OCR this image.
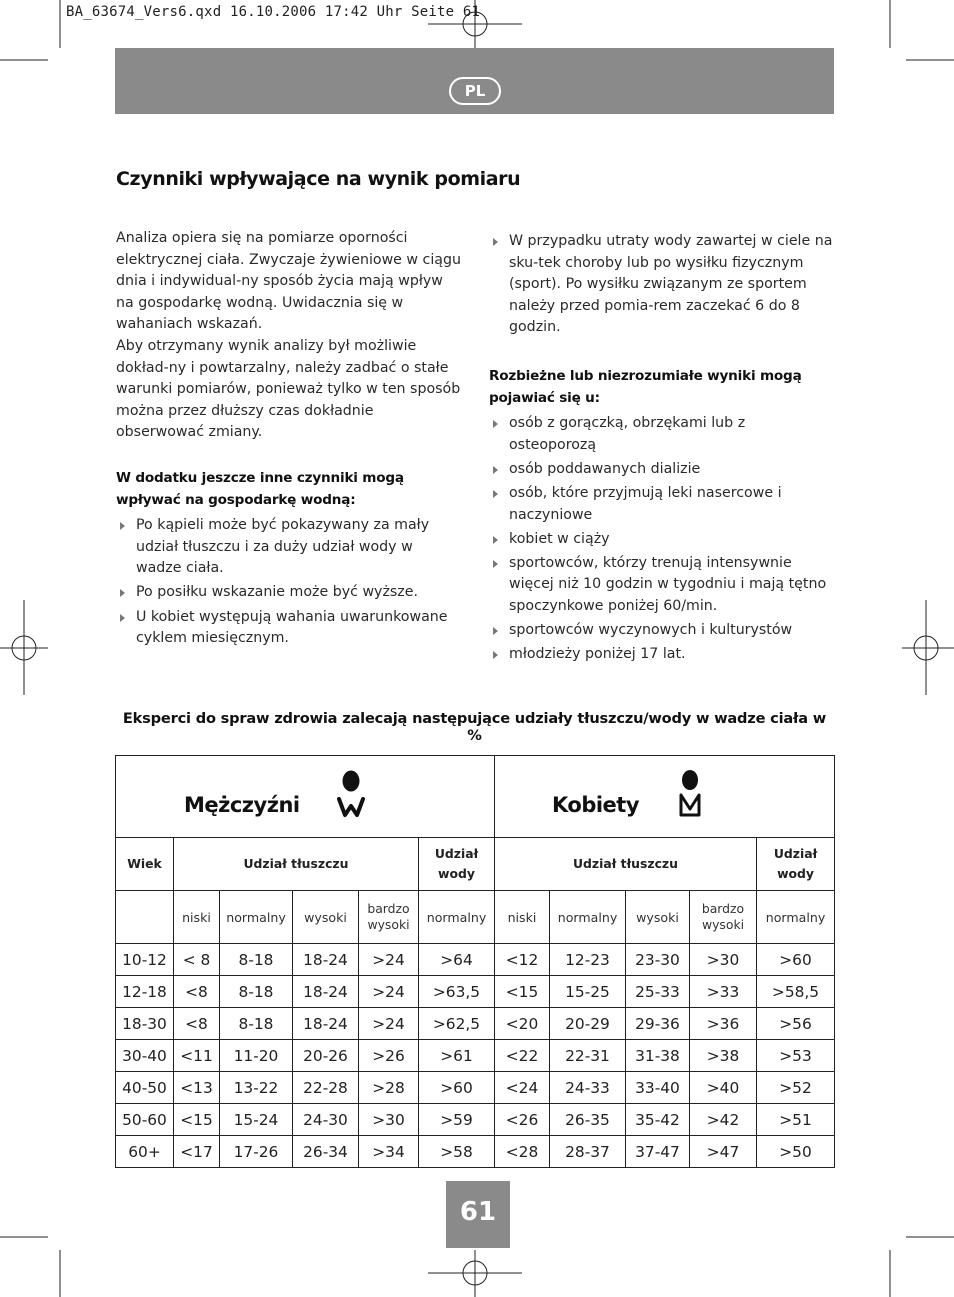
BA_63674_Vers6.qxd 16.10.2006 17:42 Uhr Seite 61
PL
Czynniki wpływające na wynik pomiaru

Analiza opiera się na pomiarze oporności elektrycznej ciała. Zwyczaje żywieniowe w ciągu dnia i indywidual-ny sposób życia mają wpływ na gospodarkę wodną. Uwidacznia się w wahaniach wskazań.

Aby otrzymany wynik analizy był możliwie dokład-ny i powtarzalny, należy zadbać o stałe warunki pomiarów, ponieważ tylko w ten sposób można przez dłuższy czas dokładnie obserwować zmiany.

W dodatku jeszcze inne czynniki mogą wpływać na gospodarkę wodną:
Po kąpieli może być pokazywany za mały udział tłuszczu i za duży udział wody w wadze ciała.
Po posiłku wskazanie może być wyższe.
U kobiet występują wahania uwarunkowane cyklem miesięcznym.
W przypadku utraty wody zawartej w ciele na sku-tek choroby lub po wysiłku fizycznym (sport). Po wysiłku związanym ze sportem należy przed pomia-rem zaczekać 6 do 8 godzin.
Rozbieżne lub niezrozumiałe wyniki mogą pojawiać się u:
osób z gorączką, obrzękami lub z osteoporozą
osób poddawanych dializie
osób, które przyjmują leki nasercowe i naczyniowe
kobiet w ciąży
sportowców, którzy trenują intensywnie więcej niż 10 godzin w tygodniu i mają tętno spoczynkowe poniżej 60/min.
sportowców wyczynowych i kulturystów
młodzieży poniżej 17 lat.
Eksperci do spraw zdrowia zalecają następujące udziały tłuszczu/wody w wadze ciała w %
Mężczyźni						Kobiety				

Wiek	Udział tłuszczu				Udział wody	Udział tłuszczu				Udział wody
	niski	normalny	wysoki	bardzo wysoki	normalny	niski	normalny	wysoki	bardzo wysoki	normalny
10-12	< 8	8-18	18-24	>24	>64	<12	12-23	23-30	>30	>60
12-18	<8	8-18	18-24	>24	>63,5	<15	15-25	25-33	>33	>58,5
18-30	<8	8-18	18-24	>24	>62,5	<20	20-29	29-36	>36	>56
30-40	<11	11-20	20-26	>26	>61	<22	22-31	31-38	>38	>53
40-50	<13	13-22	22-28	>28	>60	<24	24-33	33-40	>40	>52
50-60	<15	15-24	24-30	>30	>59	<26	26-35	35-42	>42	>51
60+	<17	17-26	26-34	>34	>58	<28	28-37	37-47	>47	>50
61
